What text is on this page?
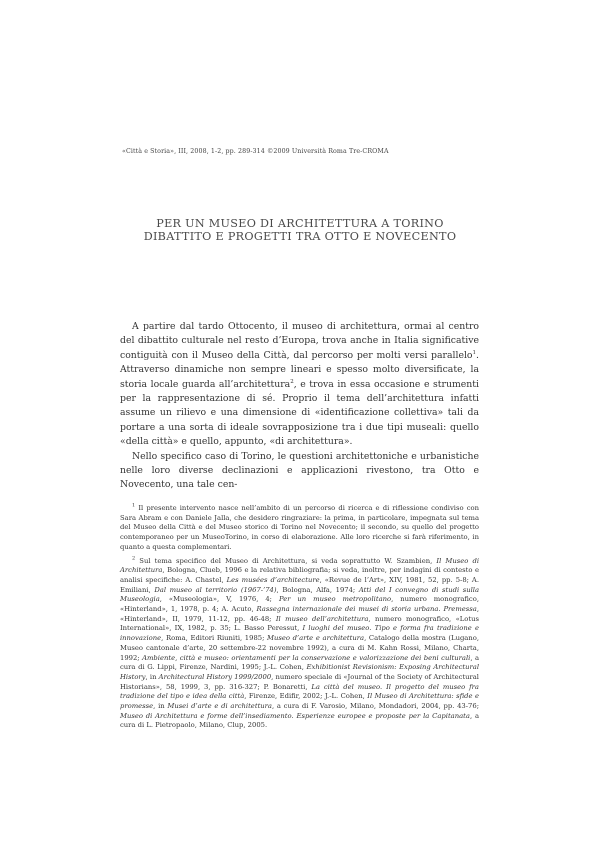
«Città e Storia», III, 2008, 1-2, pp. 289-314 ©2009 Università Roma Tre-CROMA
PER UN MUSEO DI ARCHITETTURA A TORINO
DIBATTITO E PROGETTI TRA OTTO E NOVECENTO

A partire dal tardo Ottocento, il museo di architettura, ormai al centro del dibattito culturale nel resto d’Europa, trova anche in Italia significative contiguità con il Museo della Città, dal percorso per molti versi parallelo$^1$. Attraverso dinamiche non sempre lineari e spesso molto diversificate, la storia locale guarda all’architettura$^2$, e trova in essa occasione e strumenti per la rappresentazione di sé. Proprio il tema dell’architettura infatti assume un rilievo e una dimensione di «identificazione collettiva» tali da portare a una sorta di ideale sovrapposizione tra i due tipi museali: quello «della città» e quello, appunto, «di architettura».

Nello specifico caso di Torino, le questioni architettoniche e urbanistiche nelle loro diverse declinazioni e applicazioni rivestono, tra Otto e Novecento, una tale cen-

$^1$ Il presente intervento nasce nell’ambito di un percorso di ricerca e di riflessione condiviso con Sara Abram e con Daniele Jalla, che desidero ringraziare: la prima, in particolare, impegnata sul tema del Museo della Città e del Museo storico di Torino nel Novecento; il secondo, su quello del progetto contemporaneo per un MuseoTorino, in corso di elaborazione. Alle loro ricerche si farà riferimento, in quanto a questa complementari.

$^2$ Sul tema specifico del Museo di Architettura, si veda soprattutto W. Szambien, Il Museo di Architettura, Bologna, Clueb, 1996 e la relativa bibliografia; si veda, inoltre, per indagini di contesto e analisi specifiche: A. Chastel, Les musées d’architecture, «Revue de l’Art», XIV, 1981, 52, pp. 5-8; A. Emiliani, Dal museo al territorio (1967-’74), Bologna, Alfa, 1974; Atti del I convegno di studi sulla Museologia, «Museologia», V, 1976, 4; Per un museo metropolitano, numero monografico, «Hinterland», 1, 1978, p. 4; A. Acuto, Rassegna internazionale dei musei di storia urbana. Premessa, «Hinterland», II, 1979, 11-12, pp. 46-48; Il museo dell’architettura, numero monografico, «Lotus International», IX, 1982, p. 35; L. Basso Peressut, I luoghi del museo. Tipo e forma fra tradizione e innovazione, Roma, Editori Riuniti, 1985; Museo d’arte e architettura, Catalogo della mostra (Lugano, Museo cantonale d’arte, 20 settembre-22 novembre 1992), a cura di M. Kahn Rossi, Milano, Charta, 1992; Ambiente, città e museo: orientamenti per la conservazione e valorizzazione dei beni culturali, a cura di G. Lippi, Firenze, Nardini, 1995; J.-L. Cohen, Exhibitionist Revisionism: Exposing Architectural History, in Architectural History 1999/2000, numero speciale di «Journal of the Society of Architectural Historians», 58, 1999, 3, pp. 316-327; P. Bonaretti, La città del museo. Il progetto del museo fra tradizione del tipo e idea della città, Firenze, Edifir, 2002; J.-L. Cohen, Il Museo di Architettura: sfide e promesse, in Musei d’arte e di architettura, a cura di F. Varosio, Milano, Mondadori, 2004, pp. 43-76; Museo di Architettura e forme dell’insediamento. Esperienze europee e proposte per la Capitanata, a cura di L. Pietropaolo, Milano, Clup, 2005.
